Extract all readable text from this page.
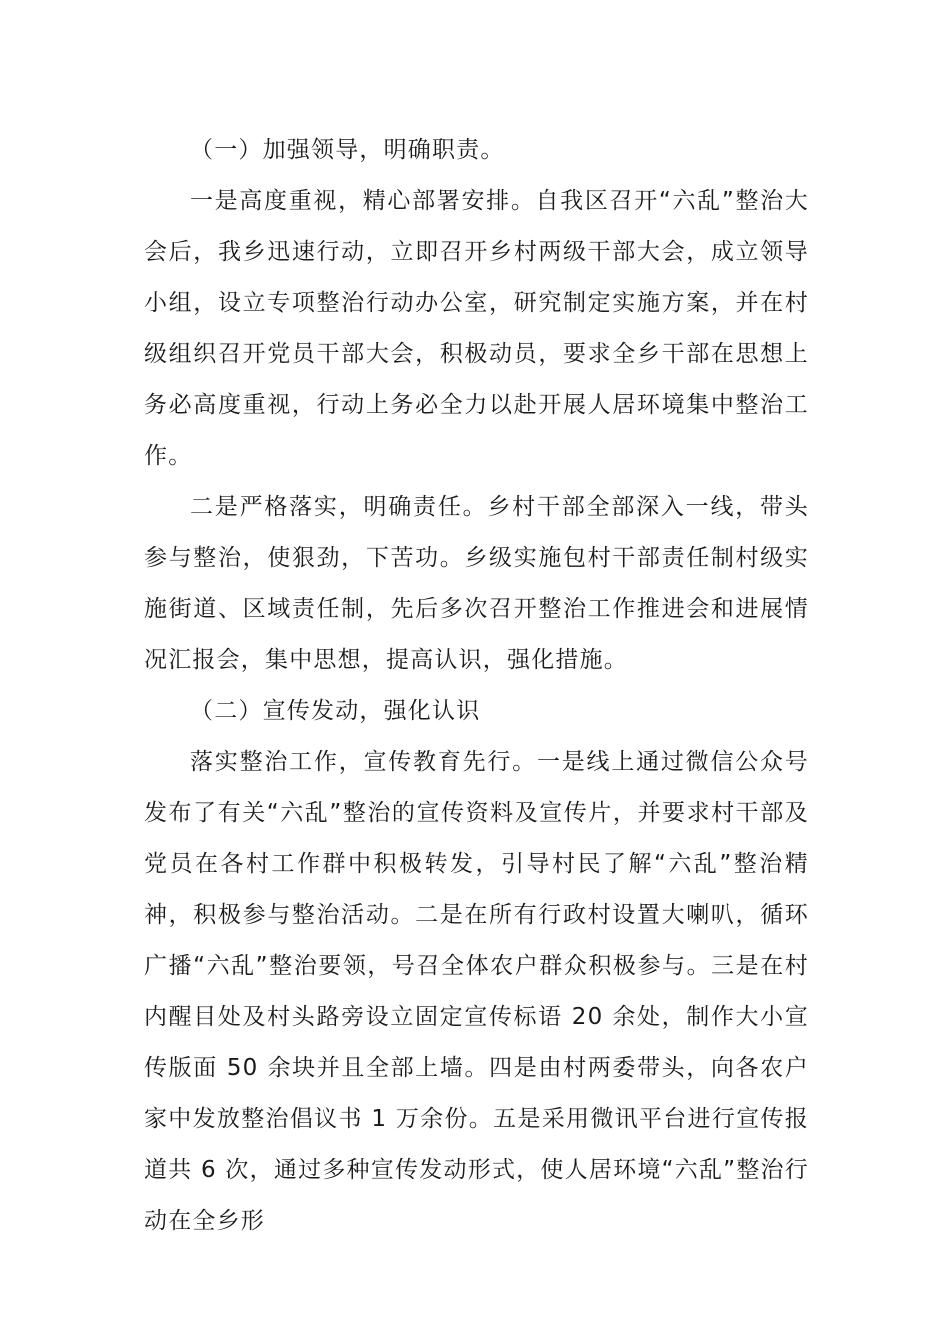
（一）加强领导，明确职责。

一是高度重视，精心部署安排。自我区召开“六乱”整治大会后，我乡迅速行动，立即召开乡村两级干部大会，成立领导小组，设立专项整治行动办公室，研究制定实施方案，并在村级组织召开党员干部大会，积极动员，要求全乡干部在思想上务必高度重视，行动上务必全力以赴开展人居环境集中整治工作。

二是严格落实，明确责任。乡村干部全部深入一线，带头参与整治，使狠劲，下苦功。乡级实施包村干部责任制村级实施街道、区域责任制，先后多次召开整治工作推进会和进展情况汇报会，集中思想，提高认识，强化措施。

（二）宣传发动，强化认识

落实整治工作，宣传教育先行。一是线上通过微信公众号发布了有关“六乱”整治的宣传资料及宣传片，并要求村干部及党员在各村工作群中积极转发，引导村民了解“六乱”整治精神，积极参与整治活动。二是在所有行政村设置大喇叭，循环广播“六乱”整治要领，号召全体农户群众积极参与。三是在村内醒目处及村头路旁设立固定宣传标语 20 余处，制作大小宣传版面 50 余块并且全部上墙。四是由村两委带头，向各农户家中发放整治倡议书 1 万余份。五是采用微讯平台进行宣传报道共 6 次，通过多种宣传发动形式，使人居环境“六乱”整治行动在全乡形
